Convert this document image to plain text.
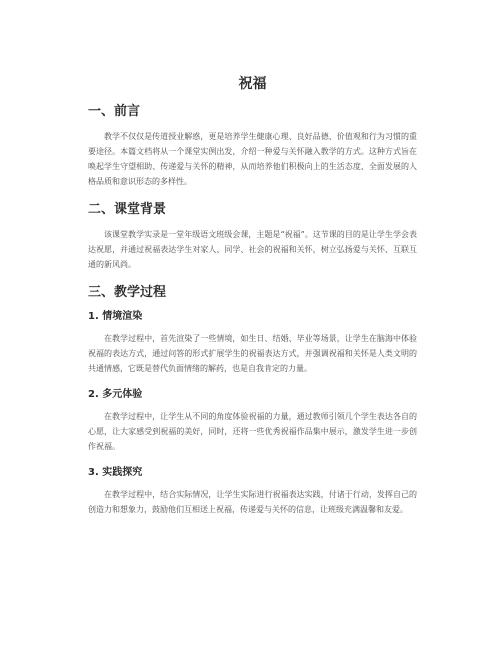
祝福
一、前言

教学不仅仅是传道授业解惑，更是培养学生健康心理、良好品德、价值观和行为习惯的重要途径。本篇文档将从一个课堂实例出发，介绍一种爱与关怀融入教学的方式。这种方式旨在唤起学生守望相助、传递爱与关怀的精神，从而培养他们积极向上的生活态度、全面发展的人格品质和意识形态的多样性。

二、课堂背景

该课堂教学实录是一堂年级语文班级会课，主题是“祝福”。这节课的目的是让学生学会表达祝愿，并通过祝福表达学生对家人、同学、社会的祝福和关怀，树立弘扬爱与关怀、互联互通的新风尚。

三、教学过程
1. 情境渲染

在教学过程中，首先渲染了一些情境，如生日、结婚、毕业等场景，让学生在脑海中体验祝福的表达方式，通过问答的形式扩展学生的祝福表达方式，并强调祝福和关怀是人类文明的共通情感，它既是替代负面情绪的解药，也是自我肯定的力量。

2. 多元体验

在教学过程中，让学生从不同的角度体验祝福的力量，通过教师引领几个学生表达各自的心愿，让大家感受到祝福的美好，同时，还将一些优秀祝福作品集中展示，激发学生进一步创作祝福。

3. 实践探究

在教学过程中，结合实际情况，让学生实际进行祝福表达实践，付诸于行动，发挥自己的创造力和想象力，鼓励他们互相送上祝福，传递爱与关怀的信息，让班级充满温馨和友爱。
